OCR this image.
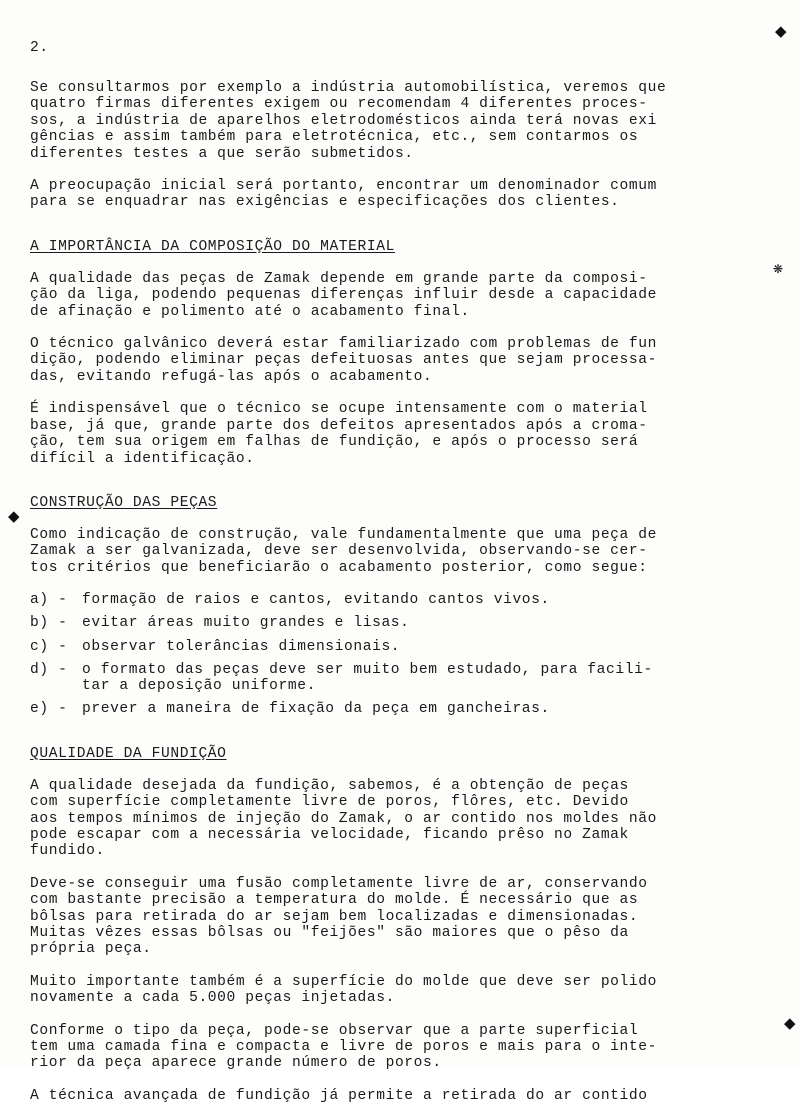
2.

Se consultarmos por exemplo a indústria automobilística, veremos que
quatro firmas diferentes exigem ou recomendam 4 diferentes proces-
sos, a indústria de aparelhos eletrodomésticos ainda terá novas exi
gências e assim também para eletrotécnica, etc., sem contarmos os
diferentes testes a que serão submetidos.

A preocupação inicial será portanto, encontrar um denominador comum
para se enquadrar nas exigências e especificações dos clientes.

A IMPORTÂNCIA DA COMPOSIÇÃO DO MATERIAL

A qualidade das peças de Zamak depende em grande parte da composi-
ção da liga, podendo pequenas diferenças influir desde a capacidade
de afinação e polimento até o acabamento final.

O técnico galvânico deverá estar familiarizado com problemas de fun
dição, podendo eliminar peças defeituosas antes que sejam processa-
das, evitando refugá-las após o acabamento.

É indispensável que o técnico se ocupe intensamente com o material
base, já que, grande parte dos defeitos apresentados após a croma-
ção, tem sua origem em falhas de fundição, e após o processo será
difícil a identificação.

CONSTRUÇÃO DAS PEÇAS

Como indicação de construção, vale fundamentalmente que uma peça de
Zamak a ser galvanizada, deve ser desenvolvida, observando-se cer-
tos critérios que beneficiarão o acabamento posterior, como segue:

a) - formação de raios e cantos, evitando cantos vivos.
b) - evitar áreas muito grandes e lisas.
c) - observar tolerâncias dimensionais.
d) - o formato das peças deve ser muito bem estudado, para facili-
tar a deposição uniforme.
e) - prever a maneira de fixação da peça em gancheiras.
QUALIDADE DA FUNDIÇÃO

A qualidade desejada da fundição, sabemos, é a obtenção de peças
com superfície completamente livre de poros, flôres, etc. Devido
aos tempos mínimos de injeção do Zamak, o ar contido nos moldes não
pode escapar com a necessária velocidade, ficando prêso no Zamak
fundido.

Deve-se conseguir uma fusão completamente livre de ar, conservando
com bastante precisão a temperatura do molde. É necessário que as
bôlsas para retirada do ar sejam bem localizadas e dimensionadas.
Muitas vêzes essas bôlsas ou "feijões" são maiores que o pêso da
própria peça.

Muito importante também é a superfície do molde que deve ser polido
novamente a cada 5.000 peças injetadas.

Conforme o tipo da peça, pode-se observar que a parte superficial
tem uma camada fina e compacta e livre de poros e mais para o inte-
rior da peça aparece grande número de poros.

A técnica avançada de fundição já permite a retirada do ar contido

◆
❋
◆
◆
